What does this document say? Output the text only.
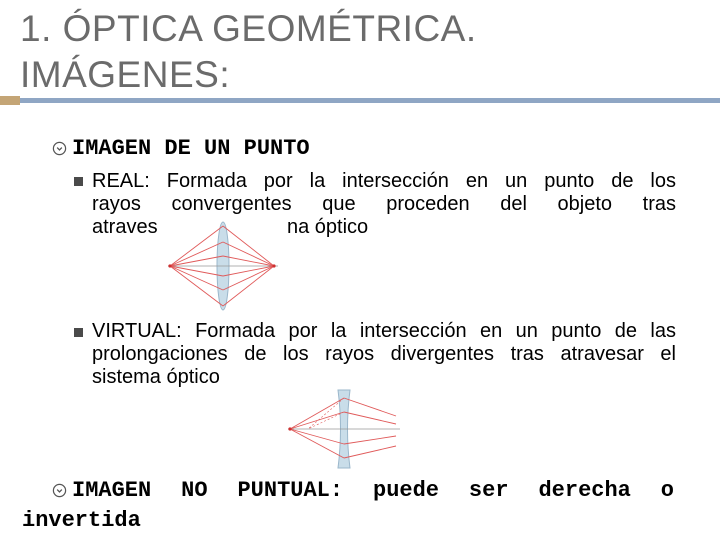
1. ÓPTICA GEOMÉTRICA.
IMÁGENES:
IMAGEN DE UN PUNTO
REAL: Formada por la intersección en un punto de los
rayos convergentes que proceden del objeto tras
atraves	na óptico
VIRTUAL: Formada por la intersección en un punto de las
prolongaciones de los rayos divergentes tras atravesar el
sistema óptico
IMAGEN NO PUNTUAL: puede ser derecha o
invertida
